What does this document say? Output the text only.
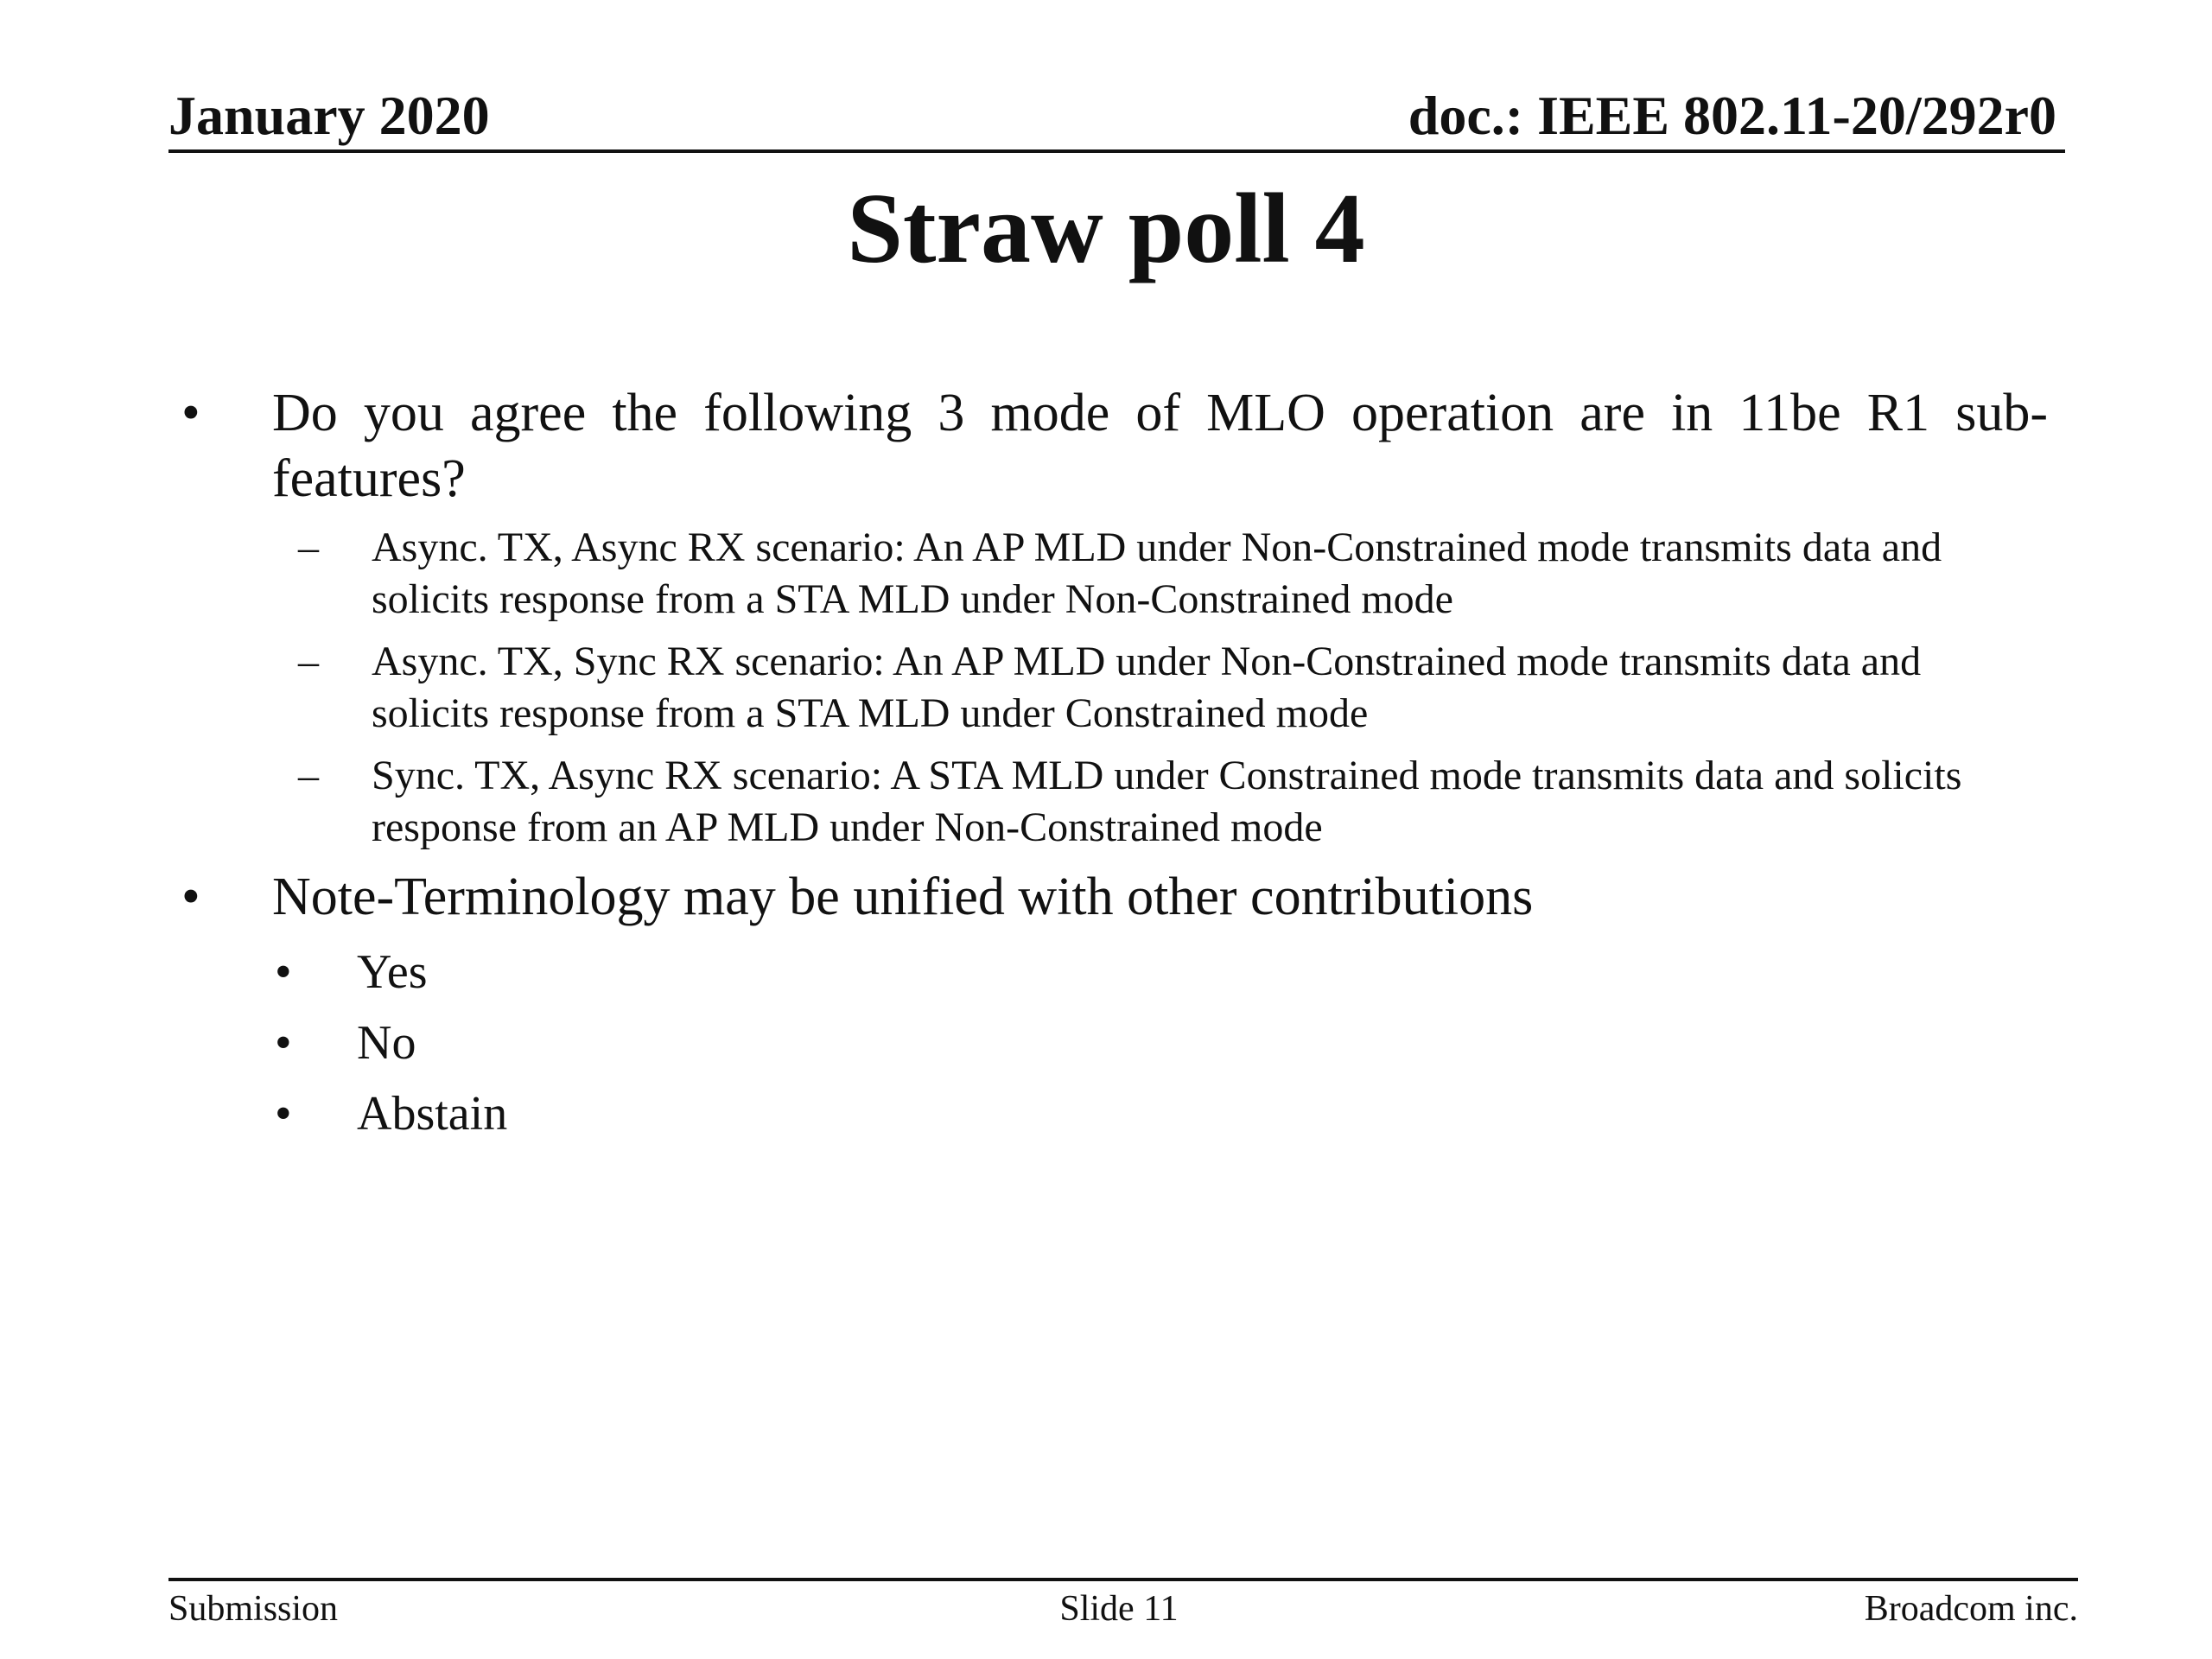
January 2020	doc.: IEEE 802.11-20/292r0
Straw poll 4
• Do you agree the following 3 mode of MLO operation are in 11be R1 sub-features?
– Async. TX, Async RX scenario: An AP MLD under Non-Constrained mode transmits data and solicits response from a STA MLD under Non-Constrained mode
– Async. TX, Sync RX scenario: An AP MLD under Non-Constrained mode transmits data and solicits response from a STA MLD under Constrained mode
– Sync. TX, Async RX scenario: A STA MLD under Constrained mode transmits data and solicits response from an AP MLD under Non-Constrained mode
• Note-Terminology may be unified with other contributions
• Yes
• No
• Abstain
Submission	Slide 11	Broadcom inc.
